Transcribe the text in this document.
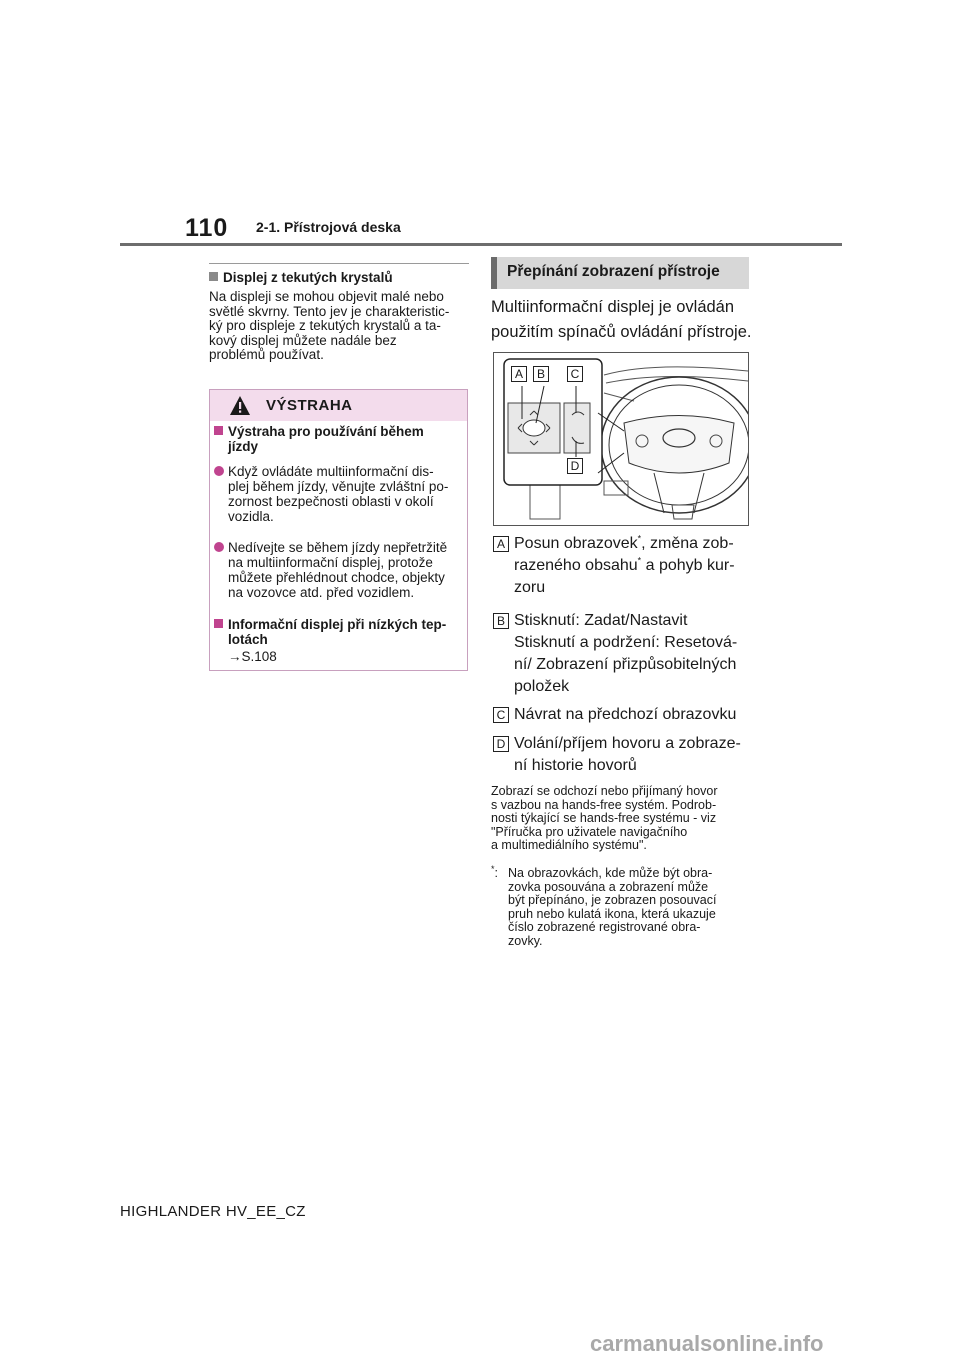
110 2-1. Přístrojová deska
Displej z tekutých krystalů
Na displeji se mohou objevit malé nebo
světlé skvrny. Tento jev je charakteristic-
ký pro displeje z tekutých krystalů a ta-
kový displej můžete nadále bez
problémů používat.
VÝSTRAHA
Výstraha pro používání během
jízdy
Když ovládáte multiinformační dis-
plej během jízdy, věnujte zvláštní po-
zornost bezpečnosti oblasti v okolí
vozidla.
Nedívejte se během jízdy nepřetržitě
na multiinformační displej, protože
můžete přehlédnout chodce, objekty
na vozovce atd. před vozidlem.
Informační displej při nízkých tep-
lotách
→S.108
Přepínání zobrazení přístroje
Multiinformační displej je ovládán
použitím spínačů ovládání přístroje.
A	B	C
D
A Posun obrazovek*, změna zob-
razeného obsahu* a pohyb kur-
zoru
B Stisknutí: Zadat/Nastavit
Stisknutí a podržení: Resetová-
ní/ Zobrazení přizpůsobitelných
položek
C Návrat na předchozí obrazovku
D Volání/příjem hovoru a zobraze-
ní historie hovorů
Zobrazí se odchozí nebo přijímaný hovor
s vazbou na hands-free systém. Podrob-
nosti týkající se hands-free systému - viz
"Příručka pro uživatele navigačního
a multimediálního systému".
*: Na obrazovkách, kde může být obra-
zovka posouvána a zobrazení může
být přepínáno, je zobrazen posouvací
pruh nebo kulatá ikona, která ukazuje
číslo zobrazené registrované obra-
zovky.
HIGHLANDER HV_EE_CZ
carmanualsonline.info
